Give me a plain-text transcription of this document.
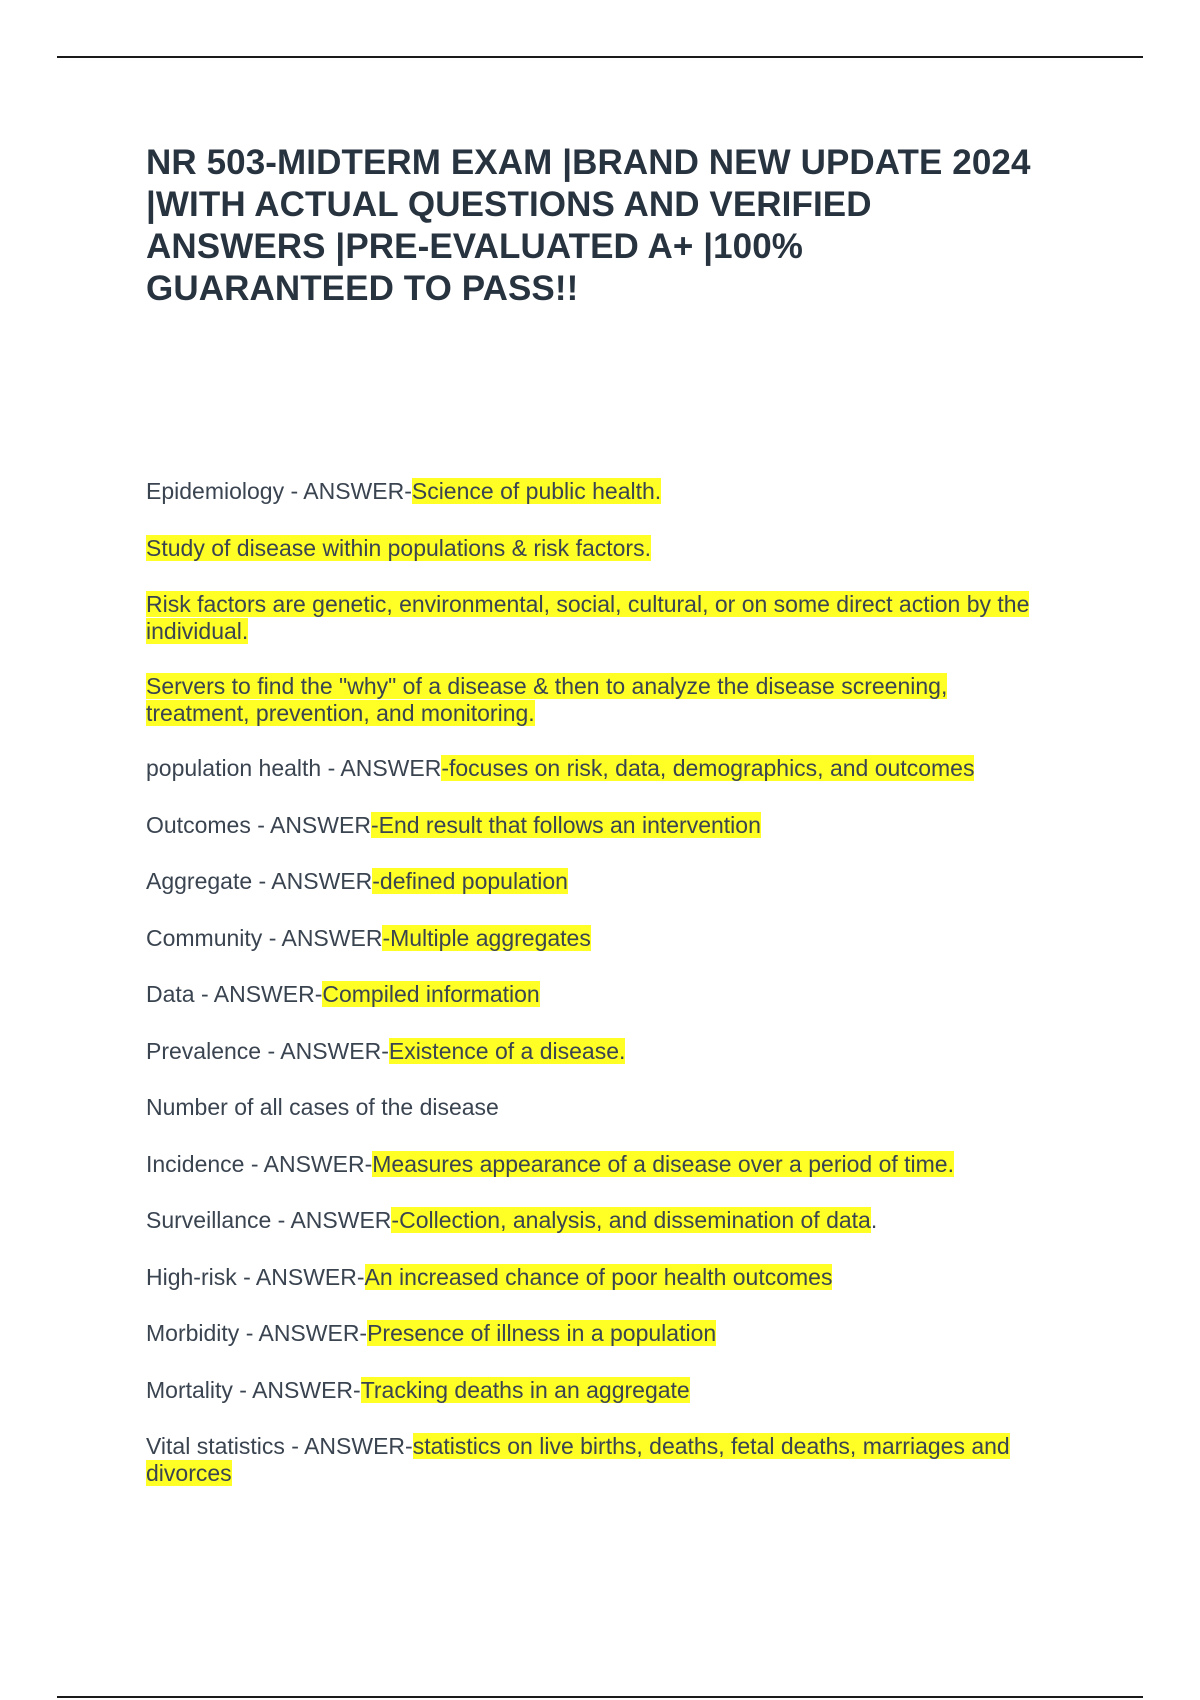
NR 503-MIDTERM EXAM |BRAND NEW UPDATE 2024 |WITH ACTUAL QUESTIONS AND VERIFIED ANSWERS |PRE-EVALUATED A+ |100% GUARANTEED TO PASS!!

Epidemiology - ANSWER-Science of public health.

Study of disease within populations & risk factors.

Risk factors are genetic, environmental, social, cultural, or on some direct action by the individual.

Servers to find the "why" of a disease & then to analyze the disease screening, treatment, prevention, and monitoring.

population health - ANSWER-focuses on risk, data, demographics, and outcomes

Outcomes - ANSWER-End result that follows an intervention

Aggregate - ANSWER-defined population

Community - ANSWER-Multiple aggregates

Data - ANSWER-Compiled information

Prevalence - ANSWER-Existence of a disease.

Number of all cases of the disease

Incidence - ANSWER-Measures appearance of a disease over a period of time.

Surveillance - ANSWER-Collection, analysis, and dissemination of data.

High-risk - ANSWER-An increased chance of poor health outcomes

Morbidity - ANSWER-Presence of illness in a population

Mortality - ANSWER-Tracking deaths in an aggregate

Vital statistics - ANSWER-statistics on live births, deaths, fetal deaths, marriages and divorces
